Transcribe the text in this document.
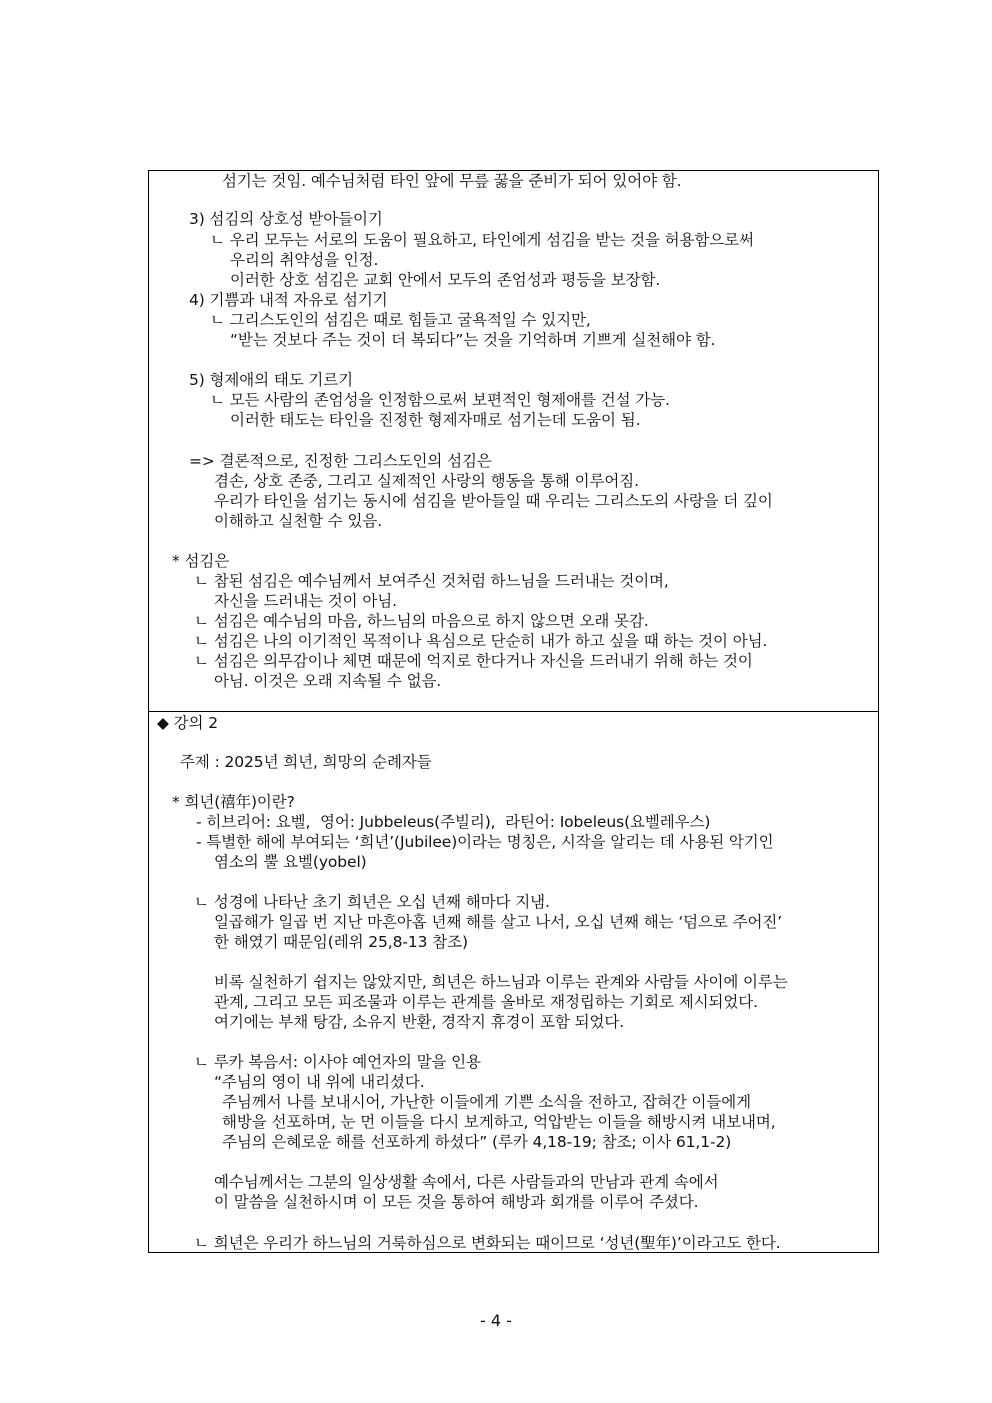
섬기는 것임. 예수님처럼 타인 앞에 무릎 꿇을 준비가 되어 있어야 함.
3) 섬김의 상호성 받아들이기
ㄴ 우리 모두는 서로의 도움이 필요하고, 타인에게 섬김을 받는 것을 허용함으로써
우리의 취약성을 인정.
이러한 상호 섬김은 교회 안에서 모두의 존엄성과 평등을 보장함.
4) 기쁨과 내적 자유로 섬기기
ㄴ 그리스도인의 섬김은 때로 힘들고 굴욕적일 수 있지만,
“받는 것보다 주는 것이 더 복되다”는 것을 기억하며 기쁘게 실천해야 함.
5) 형제애의 태도 기르기
ㄴ 모든 사람의 존엄성을 인정함으로써 보편적인 형제애를 건설 가능.
이러한 태도는 타인을 진정한 형제자매로 섬기는데 도움이 됨.
=> 결론적으로, 진정한 그리스도인의 섬김은
겸손, 상호 존중, 그리고 실제적인 사랑의 행동을 통해 이루어짐.
우리가 타인을 섬기는 동시에 섬김을 받아들일 때 우리는 그리스도의 사랑을 더 깊이
이해하고 실천할 수 있음.
* 섬김은
ㄴ 참된 섬김은 예수님께서 보여주신 것처럼 하느님을 드러내는 것이며,
자신을 드러내는 것이 아님.
ㄴ 섬김은 예수님의 마음, 하느님의 마음으로 하지 않으면 오래 못감.
ㄴ 섬김은 나의 이기적인 목적이나 욕심으로 단순히 내가 하고 싶을 때 하는 것이 아님.
ㄴ 섬김은 의무감이나 체면 때문에 억지로 한다거나 자신을 드러내기 위해 하는 것이
아님. 이것은 오래 지속될 수 없음.
◆ 강의 2
주제 : 2025년 희년, 희망의 순례자들
* 희년(禧年)이란?
- 히브리어: 요벨,  영어: Jubbeleus(주빌리),  라틴어: Iobeleus(요벨레우스)
- 특별한 해에 부여되는 ‘희년’(Jubilee)이라는 명칭은, 시작을 알리는 데 사용된 악기인
염소의 뿔 요벨(yobel)
ㄴ 성경에 나타난 초기 희년은 오십 년째 해마다 지냄.
일곱해가 일곱 번 지난 마흔아홉 년째 해를 살고 나서, 오십 년째 해는 ‘덤으로 주어진’
한 해였기 때문임(레위 25,8-13 참조)
비록 실천하기 쉽지는 않았지만, 희년은 하느님과 이루는 관계와 사람들 사이에 이루는
관계, 그리고 모든 피조물과 이루는 관계를 올바로 재정립하는 기회로 제시되었다.
여기에는 부채 탕감, 소유지 반환, 경작지 휴경이 포함 되었다.
ㄴ 루카 복음서: 이사야 예언자의 말을 인용
“주님의 영이 내 위에 내리셨다.
주님께서 나를 보내시어, 가난한 이들에게 기쁜 소식을 전하고, 잡혀간 이들에게
해방을 선포하며, 눈 먼 이들을 다시 보게하고, 억압받는 이들을 해방시켜 내보내며,
주님의 은혜로운 해를 선포하게 하셨다” (루카 4,18-19; 참조; 이사 61,1-2)
예수님께서는 그분의 일상생활 속에서, 다른 사람들과의 만남과 관계 속에서
이 말씀을 실천하시며 이 모든 것을 통하여 해방과 회개를 이루어 주셨다.
ㄴ 희년은 우리가 하느님의 거룩하심으로 변화되는 때이므로 ‘성년(聖年)’이라고도 한다.
- 4 -
